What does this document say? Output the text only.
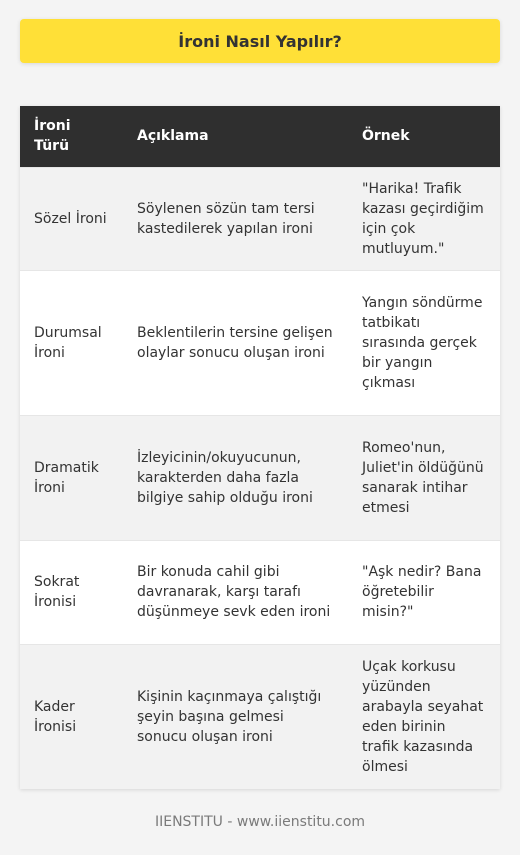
İroni Nasıl Yapılır?
İroni Türü	Açıklama	Örnek
Sözel İroni	Söylenen sözün tam tersi kastedilerek yapılan ironi	"Harika! Trafik kazası geçirdiğim için çok mutluyum."
Durumsal İroni	Beklentilerin tersine gelişen olaylar sonucu oluşan ironi	Yangın söndürme tatbikatı sırasında gerçek bir yangın çıkması
Dramatik İroni	İzleyicinin/okuyucunun, karakterden daha fazla bilgiye sahip olduğu ironi	Romeo'nun, Juliet'in öldüğünü sanarak intihar etmesi
Sokrat İronisi	Bir konuda cahil gibi davranarak, karşı tarafı düşünmeye sevk eden ironi	"Aşk nedir? Bana öğretebilir misin?"
Kader İronisi	Kişinin kaçınmaya çalıştığı şeyin başına gelmesi sonucu oluşan ironi	Uçak korkusu yüzünden arabayla seyahat eden birinin trafik kazasında ölmesi
IIENSTITU - www.iienstitu.com
